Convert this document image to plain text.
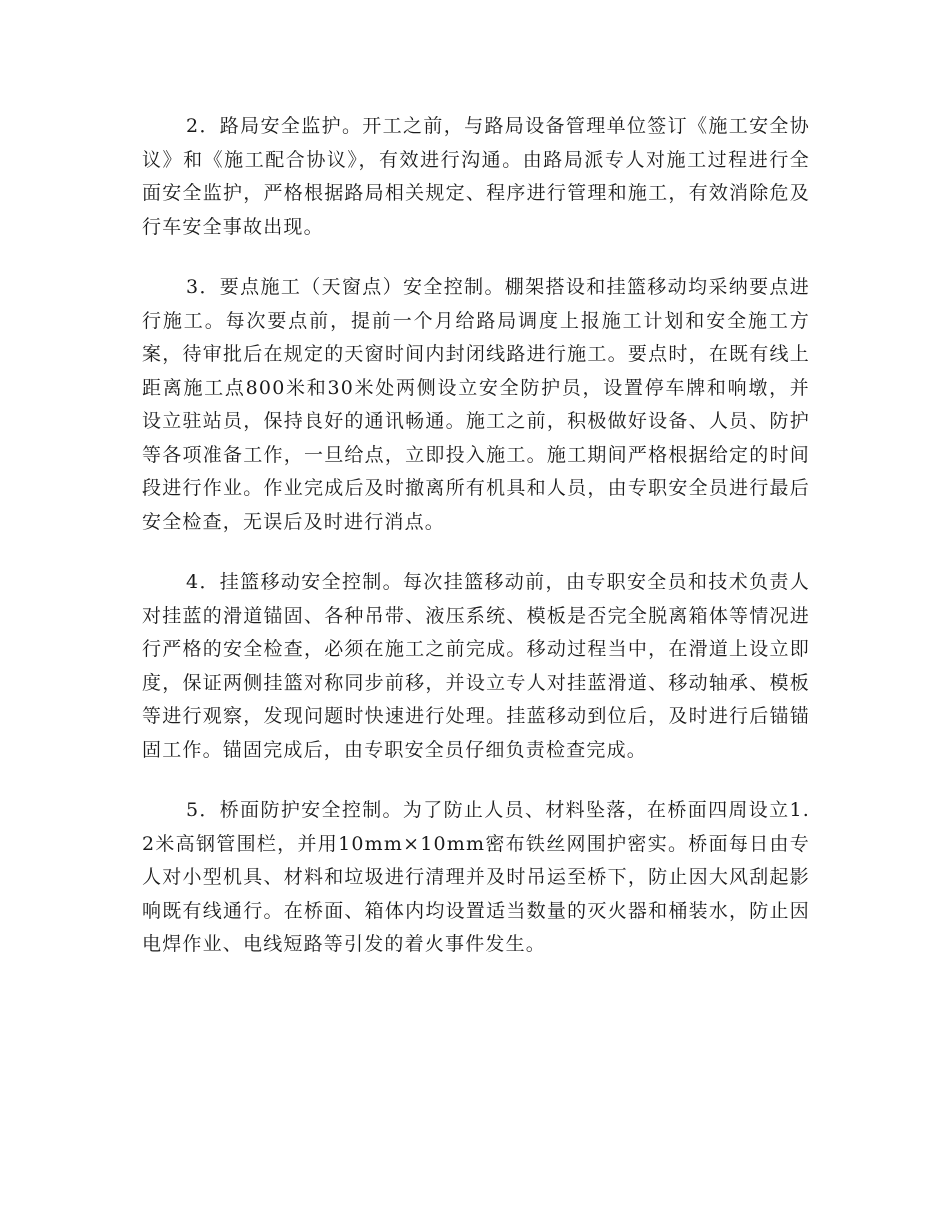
2．路局安全监护。开工之前，与路局设备管理单位签订《施工安全协议》和《施工配合协议》，有效进行沟通。由路局派专人对施工过程进行全面安全监护，严格根据路局相关规定、程序进行管理和施工，有效消除危及行车安全事故出现。

3．要点施工（天窗点）安全控制。棚架搭设和挂篮移动均采纳要点进行施工。每次要点前，提前一个月给路局调度上报施工计划和安全施工方案，待审批后在规定的天窗时间内封闭线路进行施工。要点时，在既有线上距离施工点800米和30米处两侧设立安全防护员，设置停车牌和响墩，并设立驻站员，保持良好的通讯畅通。施工之前，积极做好设备、人员、防护等各项准备工作，一旦给点，立即投入施工。施工期间严格根据给定的时间段进行作业。作业完成后及时撤离所有机具和人员，由专职安全员进行最后安全检查，无误后及时进行消点。

4．挂篮移动安全控制。每次挂篮移动前，由专职安全员和技术负责人对挂蓝的滑道锚固、各种吊带、液压系统、模板是否完全脱离箱体等情况进行严格的安全检查，必须在施工之前完成。移动过程当中，在滑道上设立即度，保证两侧挂篮对称同步前移，并设立专人对挂蓝滑道、移动轴承、模板等进行观察，发现问题时快速进行处理。挂蓝移动到位后，及时进行后锚锚固工作。锚固完成后，由专职安全员仔细负责检查完成。

5．桥面防护安全控制。为了防止人员、材料坠落，在桥面四周设立1.2米高钢管围栏，并用10mm×10mm密布铁丝网围护密实。桥面每日由专人对小型机具、材料和垃圾进行清理并及时吊运至桥下，防止因大风刮起影响既有线通行。在桥面、箱体内均设置适当数量的灭火器和桶装水，防止因电焊作业、电线短路等引发的着火事件发生。
